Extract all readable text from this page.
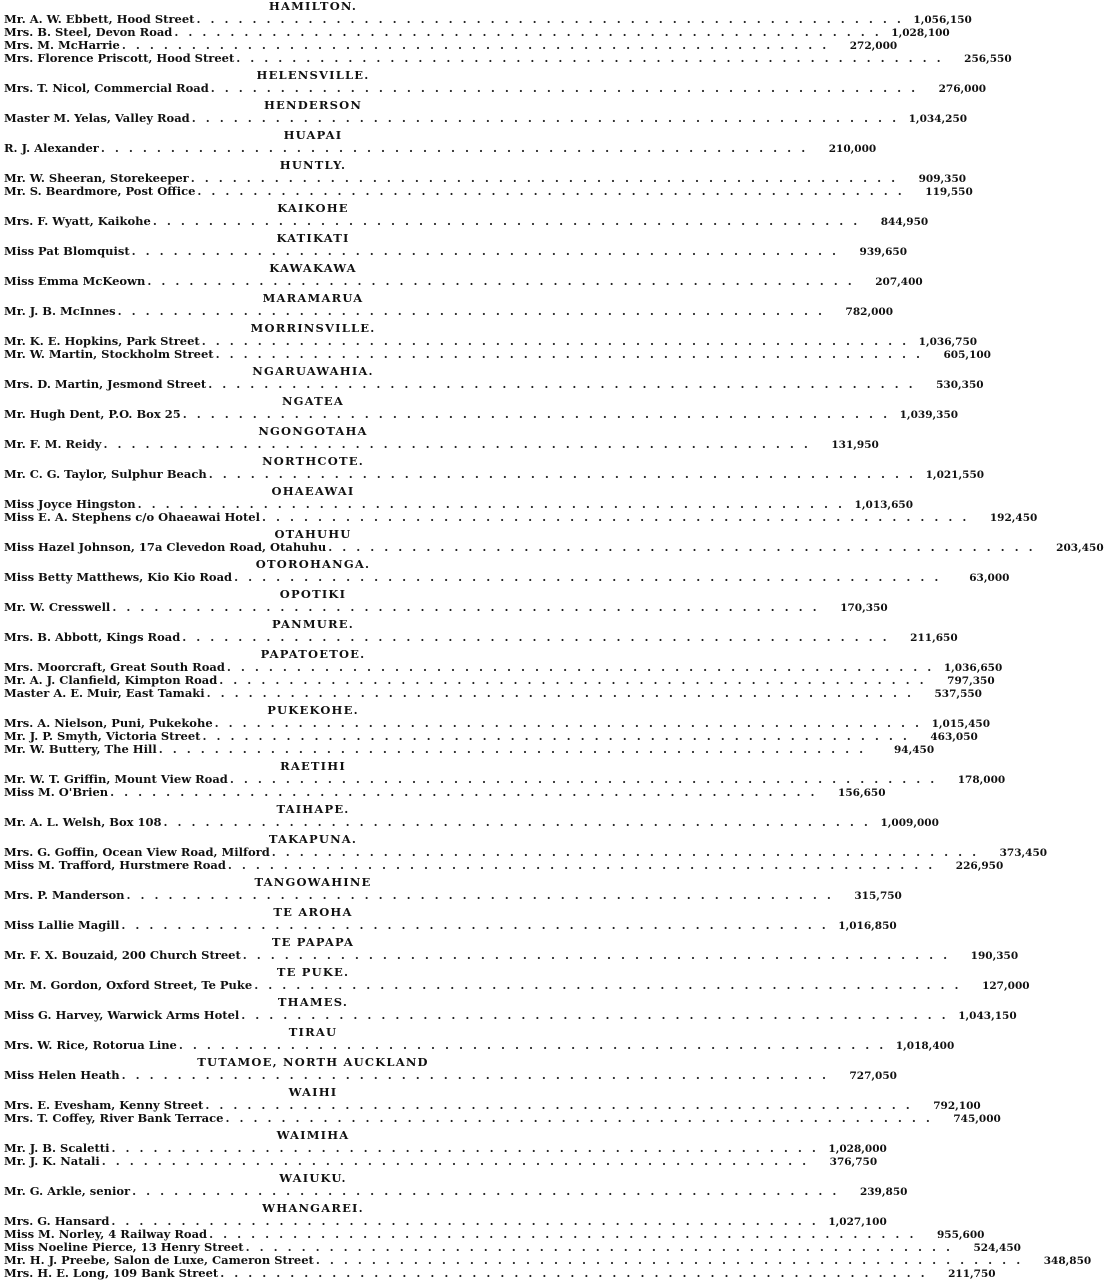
HAMILTON.
Mr. A. W. Ebbett, Hood Street . . . . . . . . . . . . . . . . . . . . . . . . . . . . . . . . . . . . . . . . . . . . . . . . . . . 1,056,150
Mrs. B. Steel, Devon Road . . . . . . . . . . . . . . . . . . . . . . . . . . . . . . . . . . . . . . . . . . . . . . . . . . . 1,028,100
Mrs. M. McHarrie . . . . . . . . . . . . . . . . . . . . . . . . . . . . . . . . . . . . . . . . . . . . . . . . . . .	272,000
Mrs. Florence Priscott, Hood Street . . . . . . . . . . . . . . . . . . . . . . . . . . . . . . . . . . . . . . . . . . . . . . . . . . .	256,550
HELENSVILLE.
Mrs. T. Nicol, Commercial Road . . . . . . . . . . . . . . . . . . . . . . . . . . . . . . . . . . . . . . . . . . . . . . . . . . .	276,000
HENDERSON
Master M. Yelas, Valley Road . . . . . . . . . . . . . . . . . . . . . . . . . . . . . . . . . . . . . . . . . . . . . . . . . . . 1,034,250
HUAPAI
R. J. Alexander . . . . . . . . . . . . . . . . . . . . . . . . . . . . . . . . . . . . . . . . . . . . . . . . . . .	210,000
HUNTLY.
Mr. W. Sheeran, Storekeeper . . . . . . . . . . . . . . . . . . . . . . . . . . . . . . . . . . . . . . . . . . . . . . . . . . .	909,350
Mr. S. Beardmore, Post Office . . . . . . . . . . . . . . . . . . . . . . . . . . . . . . . . . . . . . . . . . . . . . . . . . . .	119,550
KAIKOHE
Mrs. F. Wyatt, Kaikohe . . . . . . . . . . . . . . . . . . . . . . . . . . . . . . . . . . . . . . . . . . . . . . . . . . .	844,950
KATIKATI
Miss Pat Blomquist . . . . . . . . . . . . . . . . . . . . . . . . . . . . . . . . . . . . . . . . . . . . . . . . . . .	939,650
KAWAKAWA
Miss Emma McKeown . . . . . . . . . . . . . . . . . . . . . . . . . . . . . . . . . . . . . . . . . . . . . . . . . . .	207,400
MARAMARUA
Mr. J. B. McInnes . . . . . . . . . . . . . . . . . . . . . . . . . . . . . . . . . . . . . . . . . . . . . . . . . . .	782,000
MORRINSVILLE.
Mr. K. E. Hopkins, Park Street . . . . . . . . . . . . . . . . . . . . . . . . . . . . . . . . . . . . . . . . . . . . . . . . . . . 1,036,750
Mr. W. Martin, Stockholm Street . . . . . . . . . . . . . . . . . . . . . . . . . . . . . . . . . . . . . . . . . . . . . . . . . . .	605,100
NGARUAWAHIA.
Mrs. D. Martin, Jesmond Street . . . . . . . . . . . . . . . . . . . . . . . . . . . . . . . . . . . . . . . . . . . . . . . . . . .	530,350
NGATEA
Mr. Hugh Dent, P.O. Box 25 . . . . . . . . . . . . . . . . . . . . . . . . . . . . . . . . . . . . . . . . . . . . . . . . . . . 1,039,350
NGONGOTAHA
Mr. F. M. Reidy . . . . . . . . . . . . . . . . . . . . . . . . . . . . . . . . . . . . . . . . . . . . . . . . . . .	131,950
NORTHCOTE.
Mr. C. G. Taylor, Sulphur Beach . . . . . . . . . . . . . . . . . . . . . . . . . . . . . . . . . . . . . . . . . . . . . . . . . . . 1,021,550
OHAEAWAI
Miss Joyce Hingston . . . . . . . . . . . . . . . . . . . . . . . . . . . . . . . . . . . . . . . . . . . . . . . . . . . 1,013,650
Miss E. A. Stephens c/o Ohaeawai Hotel . . . . . . . . . . . . . . . . . . . . . . . . . . . . . . . . . . . . . . . . . . . . . . . . . . .	192,450
OTAHUHU
Miss Hazel Johnson, 17a Clevedon Road, Otahuhu . . . . . . . . . . . . . . . . . . . . . . . . . . . . . . . . . . . . . . . . . . . . . . . . . . .	203,450
OTOROHANGA.
Miss Betty Matthews, Kio Kio Road . . . . . . . . . . . . . . . . . . . . . . . . . . . . . . . . . . . . . . . . . . . . . . . . . . .	63,000
OPOTIKI
Mr. W. Cresswell . . . . . . . . . . . . . . . . . . . . . . . . . . . . . . . . . . . . . . . . . . . . . . . . . . .	170,350
PANMURE.
Mrs. B. Abbott, Kings Road . . . . . . . . . . . . . . . . . . . . . . . . . . . . . . . . . . . . . . . . . . . . . . . . . . .	211,650
PAPATOETOE.
Mrs. Moorcraft, Great South Road . . . . . . . . . . . . . . . . . . . . . . . . . . . . . . . . . . . . . . . . . . . . . . . . . . . 1,036,650
Mr. A. J. Clanfield, Kimpton Road . . . . . . . . . . . . . . . . . . . . . . . . . . . . . . . . . . . . . . . . . . . . . . . . . . .	797,350
Master A. E. Muir, East Tamaki . . . . . . . . . . . . . . . . . . . . . . . . . . . . . . . . . . . . . . . . . . . . . . . . . . .	537,550
PUKEKOHE.
Mrs. A. Nielson, Puni, Pukekohe . . . . . . . . . . . . . . . . . . . . . . . . . . . . . . . . . . . . . . . . . . . . . . . . . . . 1,015,450
Mr. J. P. Smyth, Victoria Street . . . . . . . . . . . . . . . . . . . . . . . . . . . . . . . . . . . . . . . . . . . . . . . . . . .	463,050
Mr. W. Buttery, The Hill . . . . . . . . . . . . . . . . . . . . . . . . . . . . . . . . . . . . . . . . . . . . . . . . . . .	94,450
RAETIHI
Mr. W. T. Griffin, Mount View Road . . . . . . . . . . . . . . . . . . . . . . . . . . . . . . . . . . . . . . . . . . . . . . . . . . .	178,000
Miss M. O'Brien . . . . . . . . . . . . . . . . . . . . . . . . . . . . . . . . . . . . . . . . . . . . . . . . . . .	156,650
TAIHAPE.
Mr. A. L. Welsh, Box 108 . . . . . . . . . . . . . . . . . . . . . . . . . . . . . . . . . . . . . . . . . . . . . . . . . . . 1,009,000
TAKAPUNA.
Mrs. G. Goffin, Ocean View Road, Milford . . . . . . . . . . . . . . . . . . . . . . . . . . . . . . . . . . . . . . . . . . . . . . . . . . .	373,450
Miss M. Trafford, Hurstmere Road . . . . . . . . . . . . . . . . . . . . . . . . . . . . . . . . . . . . . . . . . . . . . . . . . . .	226,950
TANGOWAHINE
Mrs. P. Manderson . . . . . . . . . . . . . . . . . . . . . . . . . . . . . . . . . . . . . . . . . . . . . . . . . . .	315,750
TE AROHA
Miss Lallie Magill . . . . . . . . . . . . . . . . . . . . . . . . . . . . . . . . . . . . . . . . . . . . . . . . . . . 1,016,850
TE PAPAPA
Mr. F. X. Bouzaid, 200 Church Street . . . . . . . . . . . . . . . . . . . . . . . . . . . . . . . . . . . . . . . . . . . . . . . . . . .	190,350
TE PUKE.
Mr. M. Gordon, Oxford Street, Te Puke . . . . . . . . . . . . . . . . . . . . . . . . . . . . . . . . . . . . . . . . . . . . . . . . . . .	127,000
THAMES.
Miss G. Harvey, Warwick Arms Hotel . . . . . . . . . . . . . . . . . . . . . . . . . . . . . . . . . . . . . . . . . . . . . . . . . . . 1,043,150
TIRAU
Mrs. W. Rice, Rotorua Line . . . . . . . . . . . . . . . . . . . . . . . . . . . . . . . . . . . . . . . . . . . . . . . . . . . 1,018,400
TUTAMOE, NORTH AUCKLAND
Miss Helen Heath . . . . . . . . . . . . . . . . . . . . . . . . . . . . . . . . . . . . . . . . . . . . . . . . . . .	727,050
WAIHI
Mrs. E. Evesham, Kenny Street . . . . . . . . . . . . . . . . . . . . . . . . . . . . . . . . . . . . . . . . . . . . . . . . . . .	792,100
Mrs. T. Coffey, River Bank Terrace . . . . . . . . . . . . . . . . . . . . . . . . . . . . . . . . . . . . . . . . . . . . . . . . . . .	745,000
WAIMIHA
Mr. J. B. Scaletti . . . . . . . . . . . . . . . . . . . . . . . . . . . . . . . . . . . . . . . . . . . . . . . . . . . 1,028,000
Mr. J. K. Natali . . . . . . . . . . . . . . . . . . . . . . . . . . . . . . . . . . . . . . . . . . . . . . . . . . .	376,750
WAIUKU.
Mr. G. Arkle, senior . . . . . . . . . . . . . . . . . . . . . . . . . . . . . . . . . . . . . . . . . . . . . . . . . . .	239,850
WHANGAREI.
Mrs. G. Hansard . . . . . . . . . . . . . . . . . . . . . . . . . . . . . . . . . . . . . . . . . . . . . . . . . . . 1,027,100
Miss M. Norley, 4 Railway Road . . . . . . . . . . . . . . . . . . . . . . . . . . . . . . . . . . . . . . . . . . . . . . . . . . .	955,600
Miss Noeline Pierce, 13 Henry Street . . . . . . . . . . . . . . . . . . . . . . . . . . . . . . . . . . . . . . . . . . . . . . . . . . .	524,450
Mr. H. J. Preebe, Salon de Luxe, Cameron Street . . . . . . . . . . . . . . . . . . . . . . . . . . . . . . . . . . . . . . . . . . . . . . . . . . .	348,850
Mrs. H. E. Long, 109 Bank Street . . . . . . . . . . . . . . . . . . . . . . . . . . . . . . . . . . . . . . . . . . . . . . . . . . .	211,750
